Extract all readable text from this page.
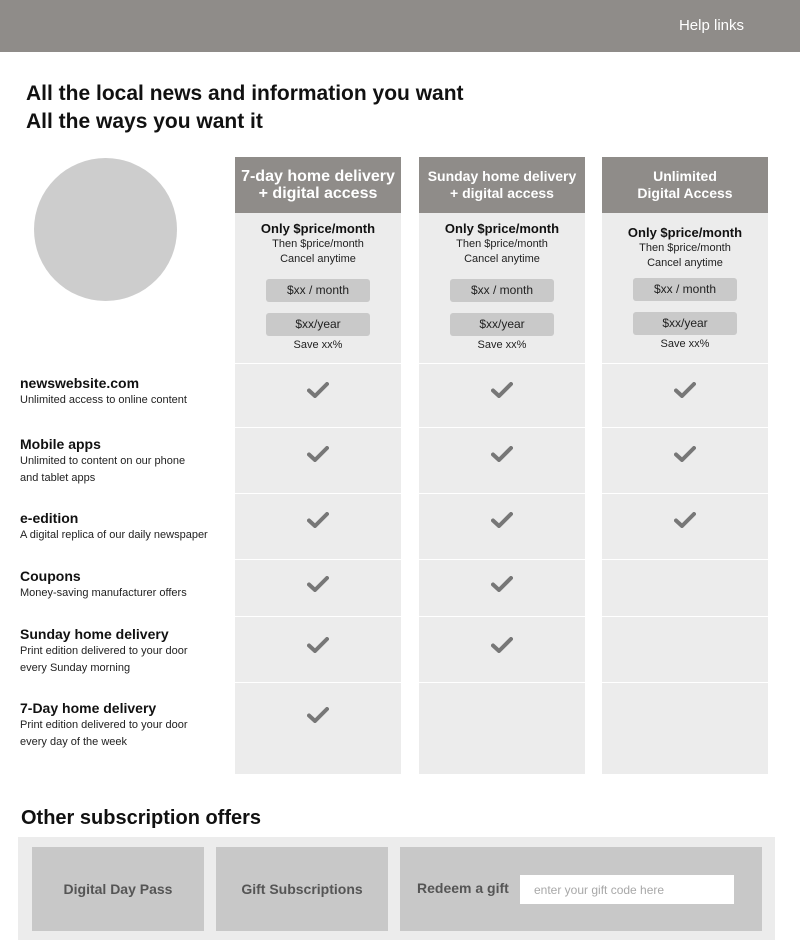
Help links
All the local news and information you want
All the ways you want it
7-day home delivery
+ digital access
Only $price/month
Then $price/month
Cancel anytime
$xx / month
$xx/year
Save xx%
Sunday home delivery
+ digital access
Only $price/month
Then $price/month
Cancel anytime
$xx / month
$xx/year
Save xx%
Unlimited
Digital Access
Only $price/month
Then $price/month
Cancel anytime
$xx / month
$xx/year
Save xx%
newswebsite.com
Unlimited access to online content
Mobile apps
Unlimited to content on our phone
and tablet apps
e-edition
A digital replica of our daily newspaper
Coupons
Money-saving manufacturer offers
Sunday home delivery
Print edition delivered to your door
every Sunday morning
7-Day home delivery
Print edition delivered to your door
every day of the week
Other subscription offers
Digital Day Pass	Gift Subscriptions	Redeem a gift
enter your gift code here
